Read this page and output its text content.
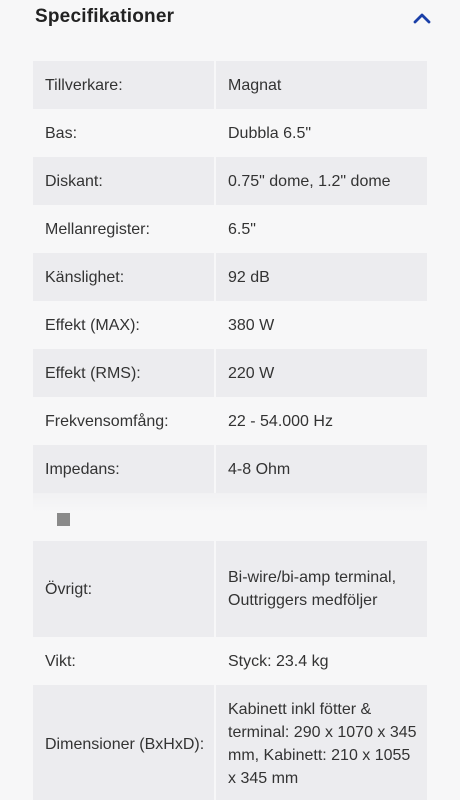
Specifikationer
Tillverkare:	Magnat
Bas:	Dubbla 6.5"
Diskant:	0.75" dome, 1.2" dome
Mellanregister:	6.5"
Känslighet:	92 dB
Effekt (MAX):	380 W
Effekt (RMS):	220 W
Frekvensomfång:	22 - 54.000 Hz
Impedans:	4-8 Ohm
Övrigt:
Bi-wire/bi-amp terminal, Outtriggers medföljer
Vikt:	Styck: 23.4 kg
Dimensioner (BxHxD):
Kabinett inkl fötter & terminal: 290 x 1070 x 345 mm, Kabinett: 210 x 1055 x 345 mm
